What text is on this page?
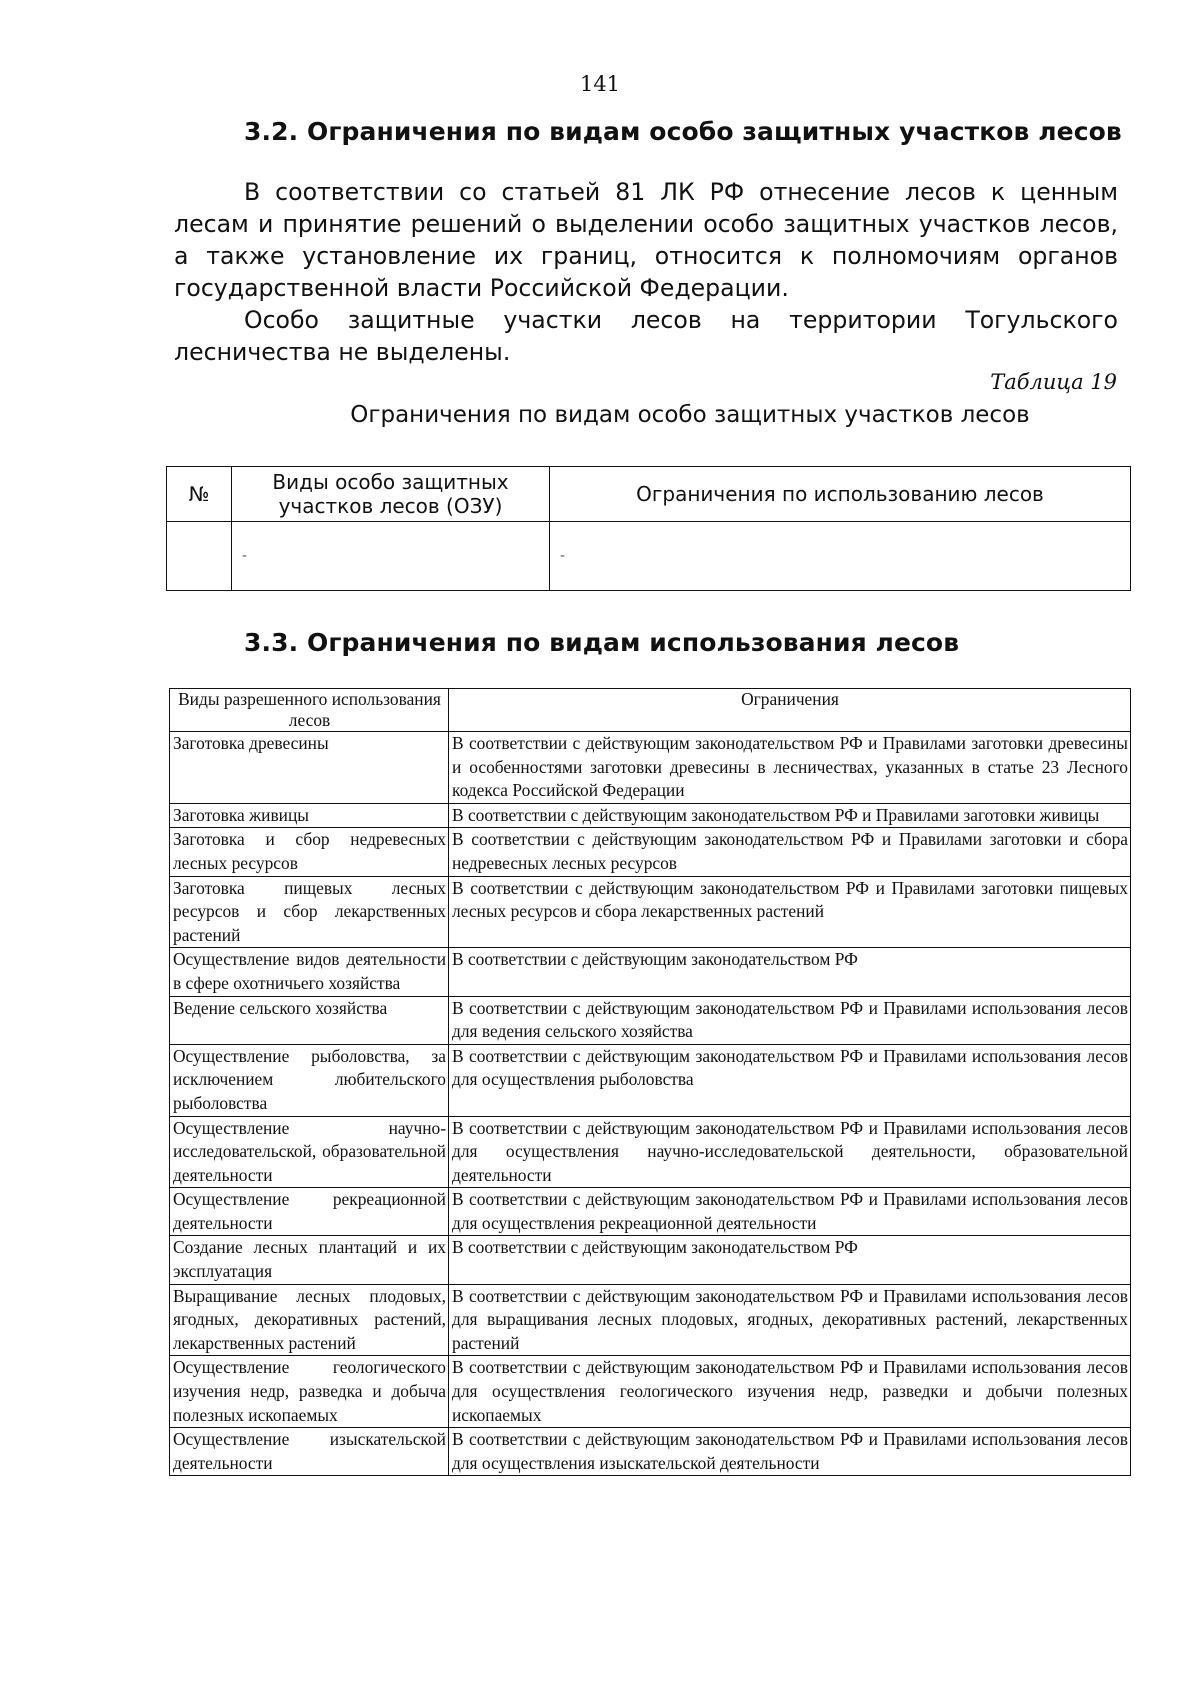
141
3.2. Ограничения по видам особо защитных участков лесов

В соответствии со статьей 81 ЛК РФ отнесение лесов к ценным лесам и принятие решений о выделении особо защитных участков лесов, а также установление их границ, относится к полномочиям органов государственной власти Российской Федерации.

Особо защитные участки лесов на территории Тогульского лесничества не выделены.

Таблица 19
Ограничения по видам особо защитных участков лесов
№	Виды особо защитных участков лесов (ОЗУ)	Ограничения по использованию лесов
	-	-
3.3. Ограничения по видам использования лесов
Виды разрешенного использования лесов	Ограничения
Заготовка древесины	В соответствии с действующим законодательством РФ и Правилами заготовки древесины и особенностями заготовки древесины в лесничествах, указанных в статье 23 Лесного кодекса Российской Федерации
Заготовка живицы	В соответствии с действующим законодательством РФ и Правилами заготовки живицы
Заготовка и сбор недревесных лесных ресурсов	В соответствии с действующим законодательством РФ и Правилами заготовки и сбора недревесных лесных ресурсов
Заготовка пищевых лесных ресурсов и сбор лекарственных растений	В соответствии с действующим законодательством РФ и Правилами заготовки пищевых лесных ресурсов и сбора лекарственных растений
Осуществление видов деятельности в сфере охотничьего хозяйства	В соответствии с действующим законодательством РФ
Ведение сельского хозяйства	В соответствии с действующим законодательством РФ и Правилами использования лесов для ведения сельского хозяйства
Осуществление рыболовства, за исключением любительского рыболовства	В соответствии с действующим законодательством РФ и Правилами использования лесов для осуществления рыболовства
Осуществление научно-исследовательской, образовательной деятельности	В соответствии с действующим законодательством РФ и Правилами использования лесов для осуществления научно-исследовательской деятельности, образовательной деятельности
Осуществление рекреационной деятельности	В соответствии с действующим законодательством РФ и Правилами использования лесов для осуществления рекреационной деятельности
Создание лесных плантаций и их эксплуатация	В соответствии с действующим законодательством РФ
Выращивание лесных плодовых, ягодных, декоративных растений, лекарственных растений	В соответствии с действующим законодательством РФ и Правилами использования лесов для выращивания лесных плодовых, ягодных, декоративных растений, лекарственных растений
Осуществление геологического изучения недр, разведка и добыча полезных ископаемых	В соответствии с действующим законодательством РФ и Правилами использования лесов для осуществления геологического изучения недр, разведки и добычи полезных ископаемых
Осуществление изыскательской деятельности	В соответствии с действующим законодательством РФ и Правилами использования лесов для осуществления изыскательской деятельности
